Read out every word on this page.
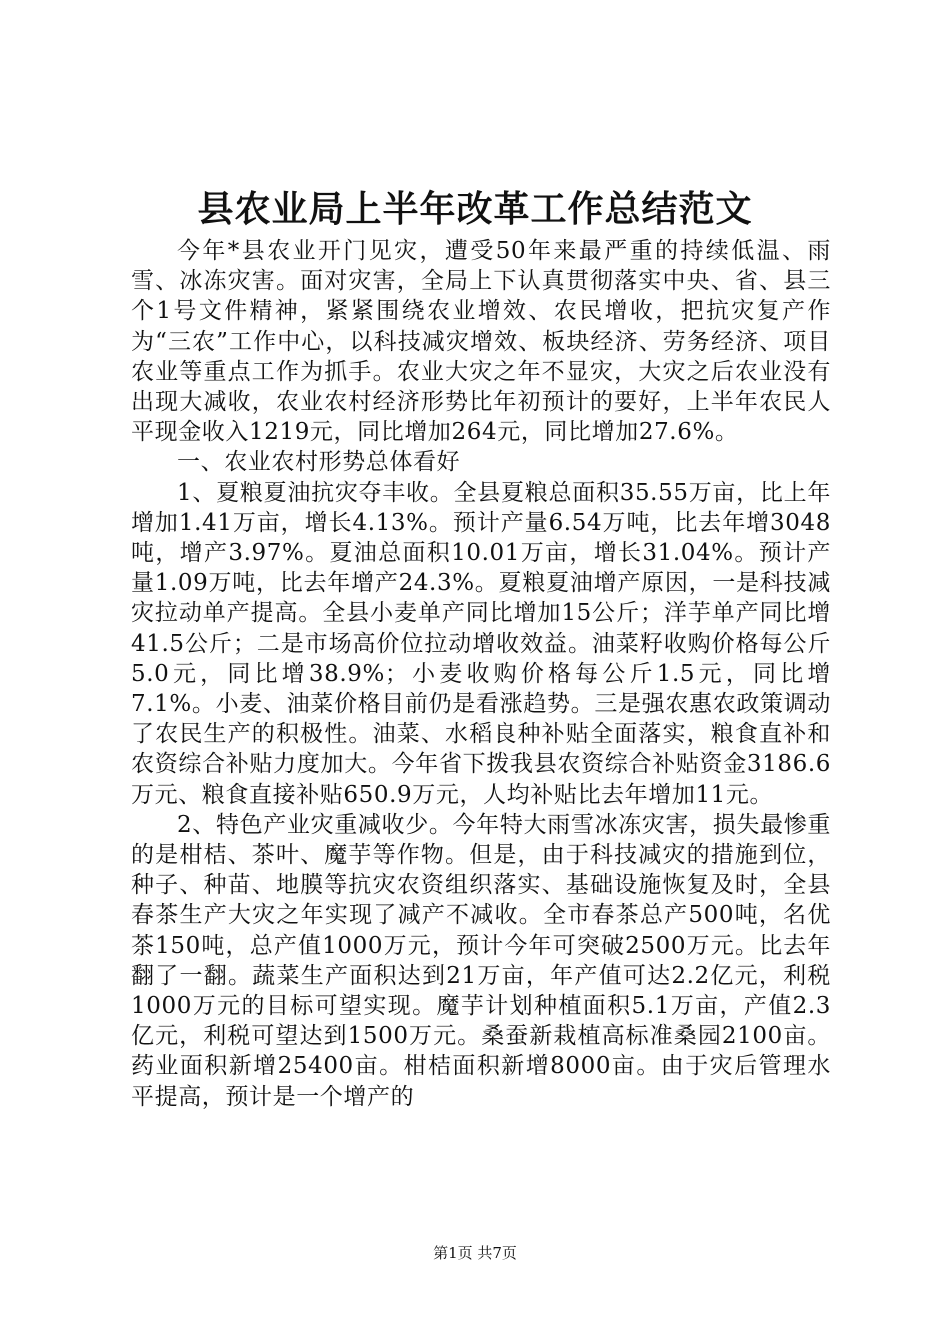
县农业局上半年改革工作总结范文

今年*县农业开门见灾，遭受50年来最严重的持续低温、雨雪、冰冻灾害。面对灾害，全局上下认真贯彻落实中央、省、县三个1号文件精神，紧紧围绕农业增效、农民增收，把抗灾复产作为“三农”工作中心，以科技减灾增效、板块经济、劳务经济、项目农业等重点工作为抓手。农业大灾之年不显灾，大灾之后农业没有出现大减收，农业农村经济形势比年初预计的要好，上半年农民人平现金收入1219元，同比增加264元，同比增加27.6%。

一、农业农村形势总体看好

1、夏粮夏油抗灾夺丰收。全县夏粮总面积35.55万亩，比上年增加1.41万亩，增长4.13%。预计产量6.54万吨，比去年增3048吨，增产3.97%。夏油总面积10.01万亩，增长31.04%。预计产量1.09万吨，比去年增产24.3%。夏粮夏油增产原因，一是科技减灾拉动单产提高。全县小麦单产同比增加15公斤；洋芋单产同比增41.5公斤；二是市场高价位拉动增收效益。油菜籽收购价格每公斤5.0元，同比增38.9%；小麦收购价格每公斤1.5元，同比增7.1%。小麦、油菜价格目前仍是看涨趋势。三是强农惠农政策调动了农民生产的积极性。油菜、水稻良种补贴全面落实，粮食直补和农资综合补贴力度加大。今年省下拨我县农资综合补贴资金3186.6万元、粮食直接补贴650.9万元，人均补贴比去年增加11元。

2、特色产业灾重减收少。今年特大雨雪冰冻灾害，损失最惨重的是柑桔、茶叶、魔芋等作物。但是，由于科技减灾的措施到位，种子、种苗、地膜等抗灾农资组织落实、基础设施恢复及时，全县春茶生产大灾之年实现了减产不减收。全市春茶总产500吨，名优茶150吨，总产值1000万元，预计今年可突破2500万元。比去年翻了一翻。蔬菜生产面积达到21万亩，年产值可达2.2亿元，利税1000万元的目标可望实现。魔芋计划种植面积5.1万亩，产值2.3亿元，利税可望达到1500万元。桑蚕新栽植高标准桑园2100亩。药业面积新增25400亩。柑桔面积新增8000亩。由于灾后管理水平提高，预计是一个增产的

第1页 共7页
